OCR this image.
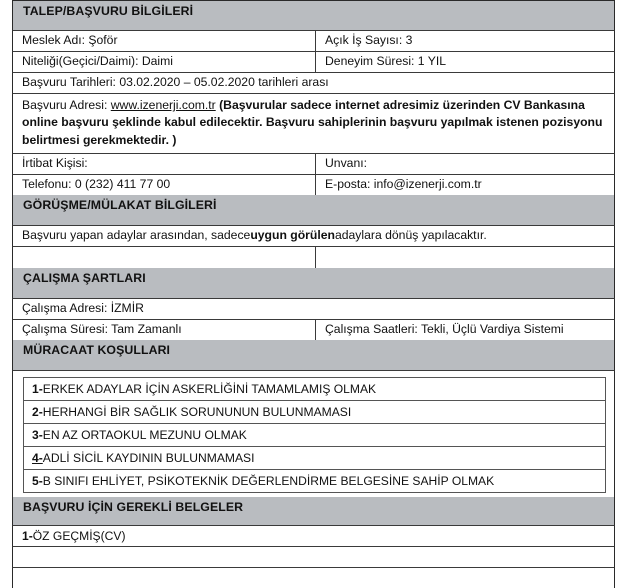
TALEP/BAŞVURU BİLGİLERİ
Meslek Adı: Şoför	Açık İş Sayısı: 3
Niteliği(Geçici/Daimi): Daimi	Deneyim Süresi: 1 YIL
Başvuru Tarihleri: 03.02.2020 – 05.02.2020 tarihleri arası
Başvuru Adresi: www.izenerji.com.tr (Başvurular sadece internet adresimiz üzerinden CV Bankasına online başvuru şeklinde kabul edilecektir. Başvuru sahiplerinin başvuru yapılmak istenen pozisyonu belirtmesi gerekmektedir. )
İrtibat Kişisi:	Unvanı:
Telefonu: 0 (232) 411 77 00	E-posta: info@izenerji.com.tr
GÖRÜŞME/MÜLAKAT BİLGİLERİ
Başvuru yapan adaylar arasından, sadece uygun görülen adaylara dönüş yapılacaktır.
ÇALIŞMA ŞARTLARI
Çalışma Adresi: İZMİR
Çalışma Süresi: Tam Zamanlı	Çalışma Saatleri: Tekli, Üçlü Vardiya Sistemi
MÜRACAAT KOŞULLARI
1- ERKEK ADAYLAR İÇİN ASKERLİĞİNİ TAMAMLAMIŞ OLMAK
2- HERHANGİ BİR SAĞLIK SORUNUNUN BULUNMAMASI
3- EN AZ ORTAOKUL MEZUNU OLMAK
4- ADLİ SİCİL KAYDININ BULUNMAMASI
5- B SINIFI EHLİYET, PSİKOTEKNİK DEĞERLENDİRME BELGESİNE SAHİP OLMAK
BAŞVURU İÇİN GEREKLİ BELGELER
1- ÖZ GEÇMİŞ(CV)
